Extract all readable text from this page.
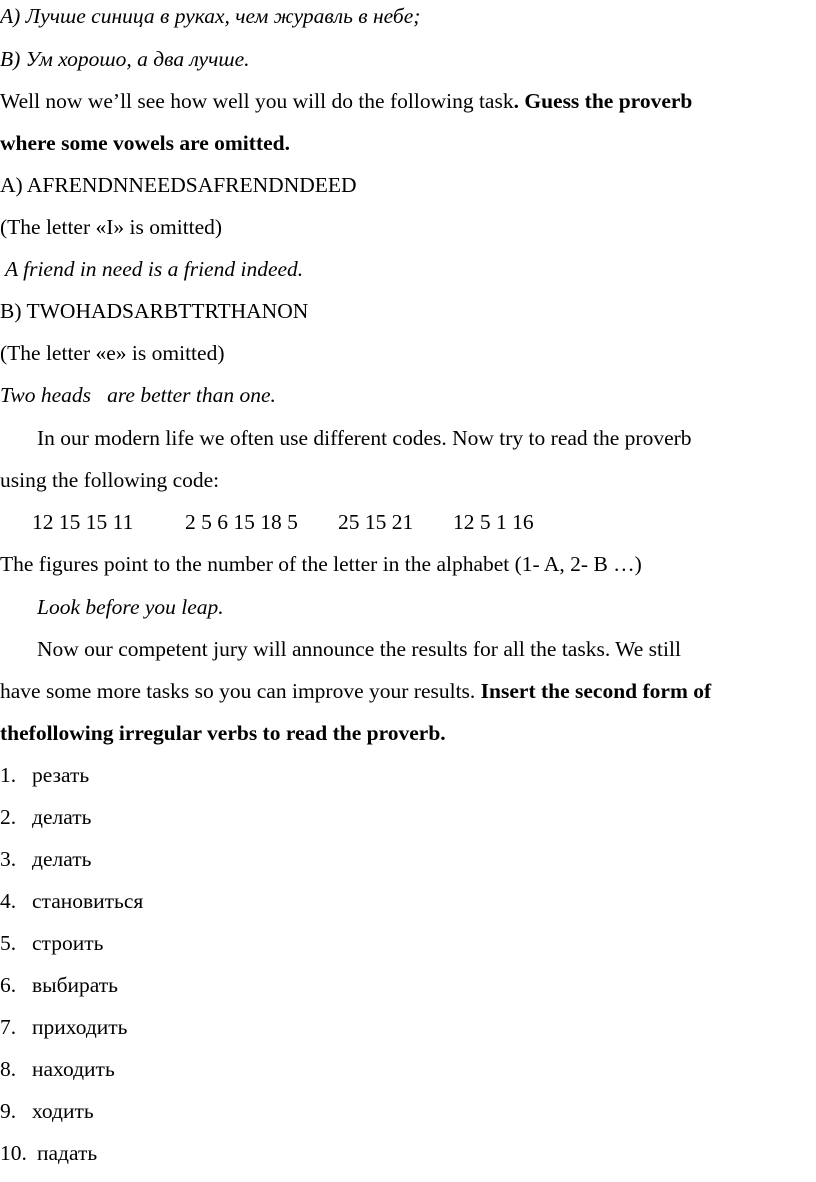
А) Лучше синица в руках, чем журавль в небе;
В) Ум хорошо, а два лучше.
Well now we’ll see how well you will do the following task. Guess the proverb
where some vowels are omitted.
A) AFRENDNNEEDSAFRENDNDEED
(The letter «I» is omitted)
A friend in need is a friend indeed.
B) TWOHADSARBTTRTHANON
(The letter «e» is omitted)
Two heads   are better than one.
In our modern life we often use different codes. Now try to read the proverb
using the following code:
12 15 15 11 2 5 6 15 18 5 25 15 21 12 5 1 16
The figures point to the number of the letter in the alphabet (1- A, 2- B …)
Look before you leap.
Now our competent jury will announce the results for all the tasks. We still
have some more tasks so you can improve your results. Insert the second form of
thefollowing irregular verbs to read the proverb.
1. резать
2. делать
3. делать
4. становиться
5. строить
6. выбирать
7. приходить
8. находить
9. ходить
10. падать
